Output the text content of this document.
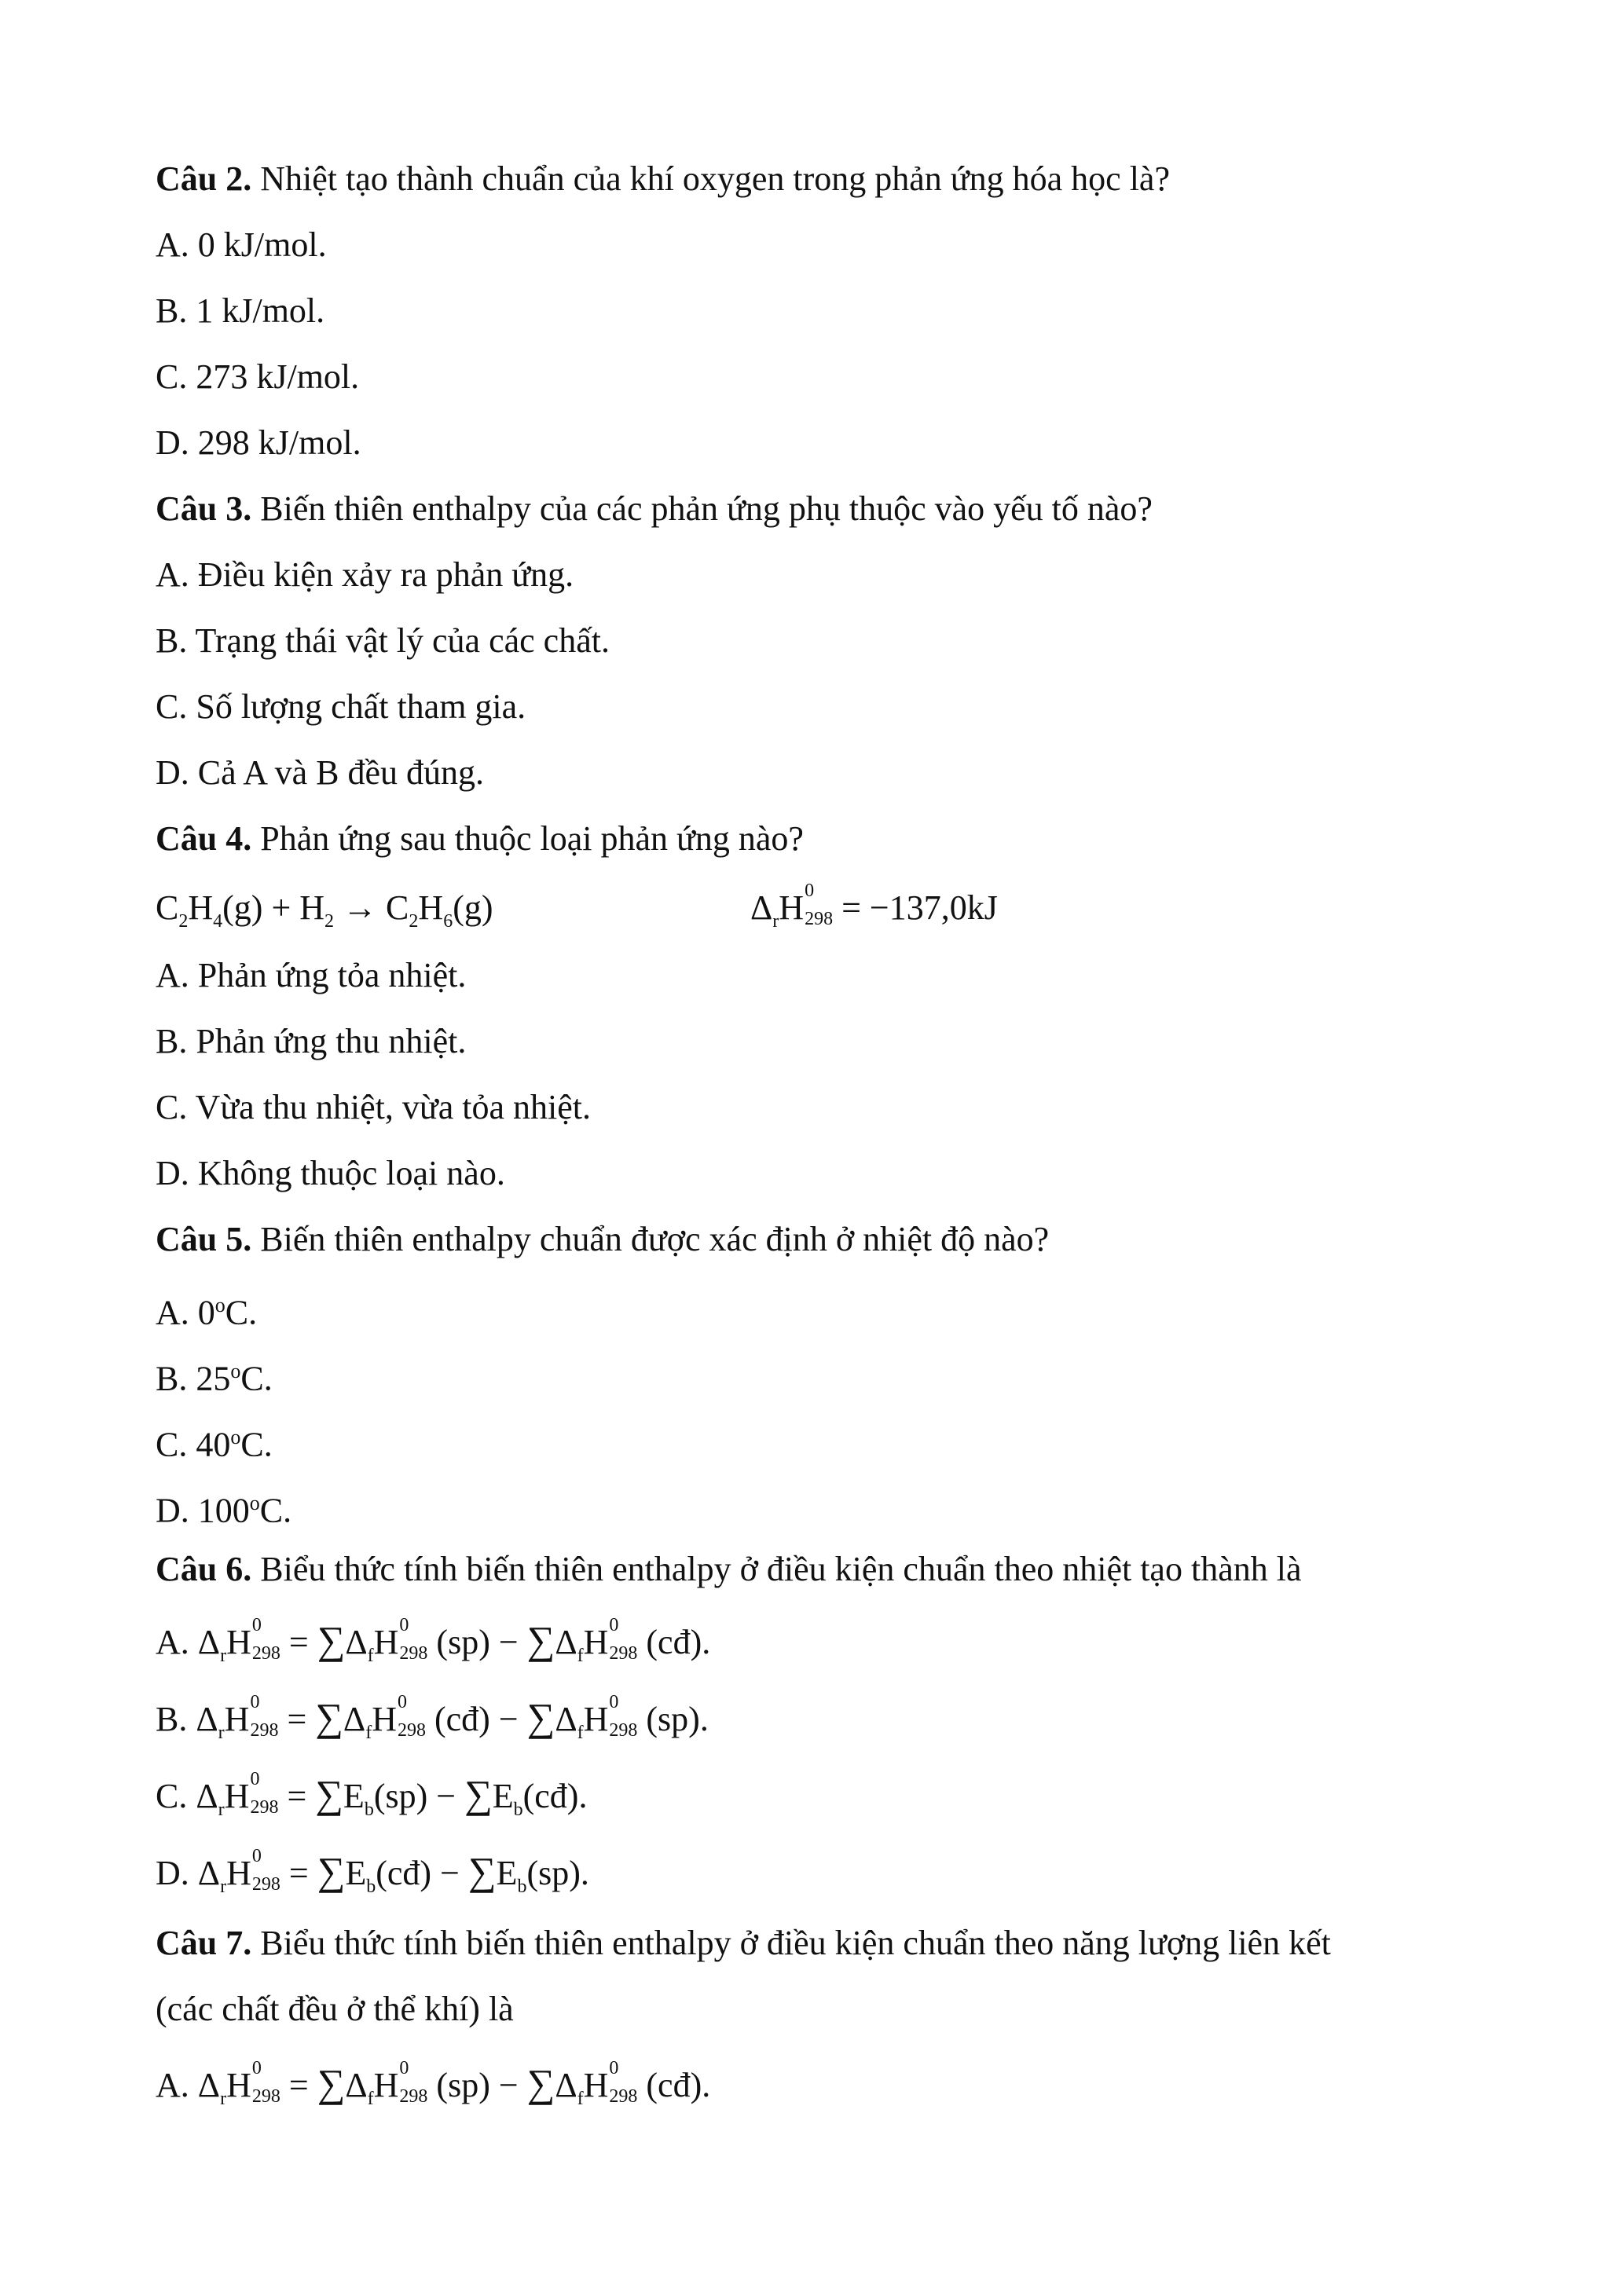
Câu 2. Nhiệt tạo thành chuẩn của khí oxygen trong phản ứng hóa học là?
A. 0 kJ/mol.
B. 1 kJ/mol.
C. 273 kJ/mol.
D. 298 kJ/mol.
Câu 3. Biến thiên enthalpy của các phản ứng phụ thuộc vào yếu tố nào?
A. Điều kiện xảy ra phản ứng.
B. Trạng thái vật lý của các chất.
C. Số lượng chất tham gia.
D. Cả A và B đều đúng.
Câu 4. Phản ứng sau thuộc loại phản ứng nào?
$C_2H_4(g) + H_2 \to C_2H_6(g)$	$\Delta_rH$ 0
298 = −137,0kJ
A. Phản ứng tỏa nhiệt.
B. Phản ứng thu nhiệt.
C. Vừa thu nhiệt, vừa tỏa nhiệt.
D. Không thuộc loại nào.
Câu 5. Biến thiên enthalpy chuẩn được xác định ở nhiệt độ nào?
A. 0$^o$C.
B. 25$^o$C.
C. 40$^o$C.
D. 100$^o$C.
Câu 6. Biểu thức tính biến thiên enthalpy ở điều kiện chuẩn theo nhiệt tạo thành là
A. $\Delta_rH$ 0
$298 = \sum\Delta_fH$ 0
298 $(sp) - \sum\Delta_fH$ 0
298 (cđ).
B. $\Delta_rH$ 0
$298 = \sum\Delta_fH$ 0
298 (cđ) − $\sum\Delta_fH$ 0
298 (sp).
C. $\Delta_rH$ 0
$298 = \sum E_b(sp)$ − $\sum E_b(cđ)$.
D. $\Delta_rH$ 0
$298 = \sum E_b(cđ) - \sum E_b(sp)$.
Câu 7. Biểu thức tính biến thiên enthalpy ở điều kiện chuẩn theo năng lượng liên kết
(các chất đều ở thể khí) là
A. $\Delta_rH$ 0
$298 = \sum\Delta_fH$ 0
298 $(sp) - \sum\Delta_fH$ 0
298 (cđ).
